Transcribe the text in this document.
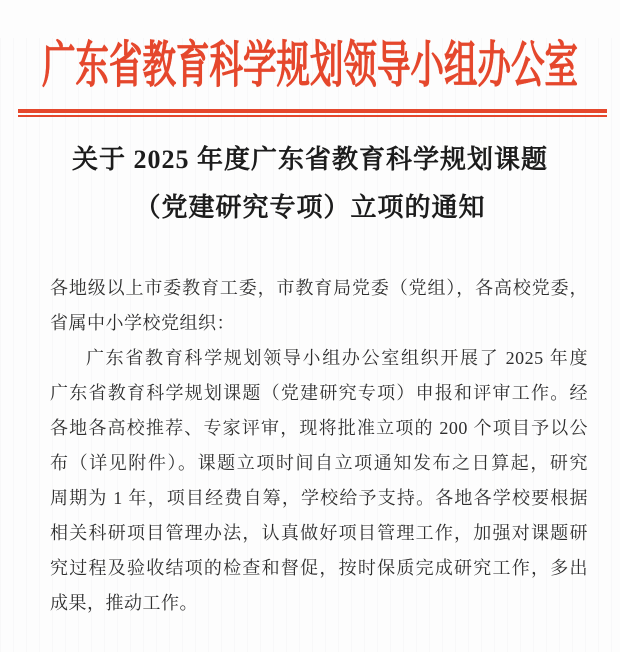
广东省教育科学规划领导小组办公室
关于 2025 年度广东省教育科学规划课题
（党建研究专项）立项的通知
各地级以上市委教育工委，市教育局党委（党组），各高校党委，
省属中小学校党组织：
广东省教育科学规划领导小组办公室组织开展了 2025 年度
广东省教育科学规划课题（党建研究专项）申报和评审工作。经
各地各高校推荐、专家评审，现将批准立项的 200 个项目予以公
布（详见附件）。课题立项时间自立项通知发布之日算起，研究
周期为 1 年，项目经费自筹，学校给予支持。各地各学校要根据
相关科研项目管理办法，认真做好项目管理工作，加强对课题研
究过程及验收结项的检查和督促，按时保质完成研究工作，多出
成果，推动工作。
